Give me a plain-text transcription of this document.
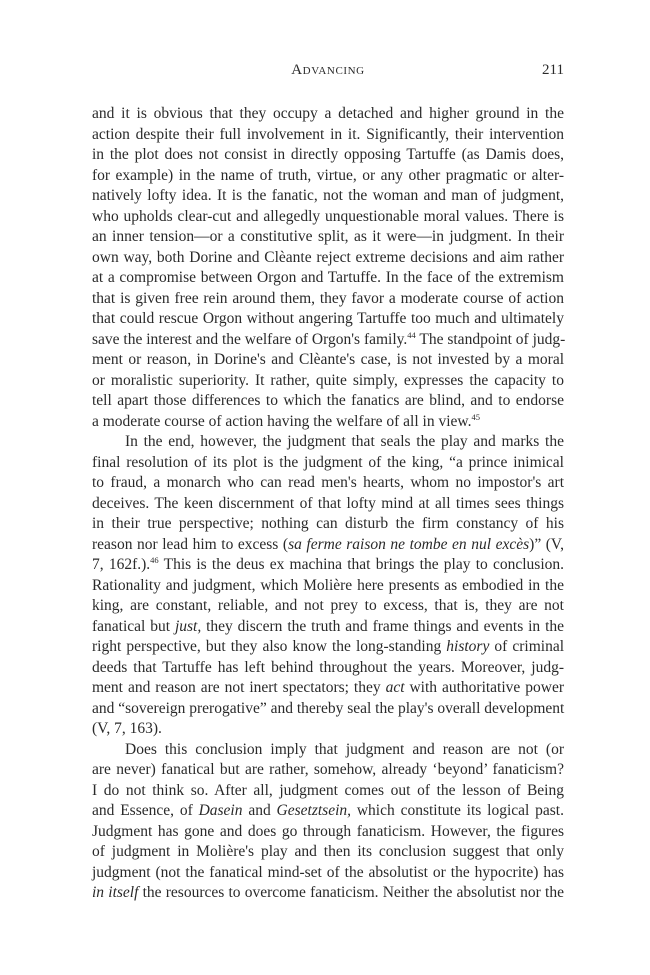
Advancing	211
and it is obvious that they occupy a detached and higher ground in the
action despite their full involvement in it. Significantly, their intervention
in the plot does not consist in directly opposing Tartuffe (as Damis does,
for example) in the name of truth, virtue, or any other pragmatic or alter-
natively lofty idea. It is the fanatic, not the woman and man of judgment,
who upholds clear-cut and allegedly unquestionable moral values. There is
an inner tension—or a constitutive split, as it were—in judgment. In their
own way, both Dorine and Clèante reject extreme decisions and aim rather
at a compromise between Orgon and Tartuffe. In the face of the extremism
that is given free rein around them, they favor a moderate course of action
that could rescue Orgon without angering Tartuffe too much and ultimately
save the interest and the welfare of Orgon's family.$^{44}$ The standpoint of judg-
ment or reason, in Dorine's and Clèante's case, is not invested by a moral
or moralistic superiority. It rather, quite simply, expresses the capacity to
tell apart those differences to which the fanatics are blind, and to endorse
a moderate course of action having the welfare of all in view.$^{45}$
In the end, however, the judgment that seals the play and marks the
final resolution of its plot is the judgment of the king, “a prince inimical
to fraud, a monarch who can read men's hearts, whom no impostor's art
deceives. The keen discernment of that lofty mind at all times sees things
in their true perspective; nothing can disturb the firm constancy of his
reason nor lead him to excess (sa ferme raison ne tombe en nul excès)” (V,
7, 162f.).$^{46}$ This is the deus ex machina that brings the play to conclusion.
Rationality and judgment, which Molière here presents as embodied in the
king, are constant, reliable, and not prey to excess, that is, they are not
fanatical but just, they discern the truth and frame things and events in the
right perspective, but they also know the long-standing history of criminal
deeds that Tartuffe has left behind throughout the years. Moreover, judg-
ment and reason are not inert spectators; they act with authoritative power
and “sovereign prerogative” and thereby seal the play's overall development
(V, 7, 163).
Does this conclusion imply that judgment and reason are not (or
are never) fanatical but are rather, somehow, already ‘beyond’ fanaticism?
I do not think so. After all, judgment comes out of the lesson of Being
and Essence, of Dasein and Gesetztsein, which constitute its logical past.
Judgment has gone and does go through fanaticism. However, the figures
of judgment in Molière's play and then its conclusion suggest that only
judgment (not the fanatical mind-set of the absolutist or the hypocrite) has
in itself the resources to overcome fanaticism. Neither the absolutist nor the
